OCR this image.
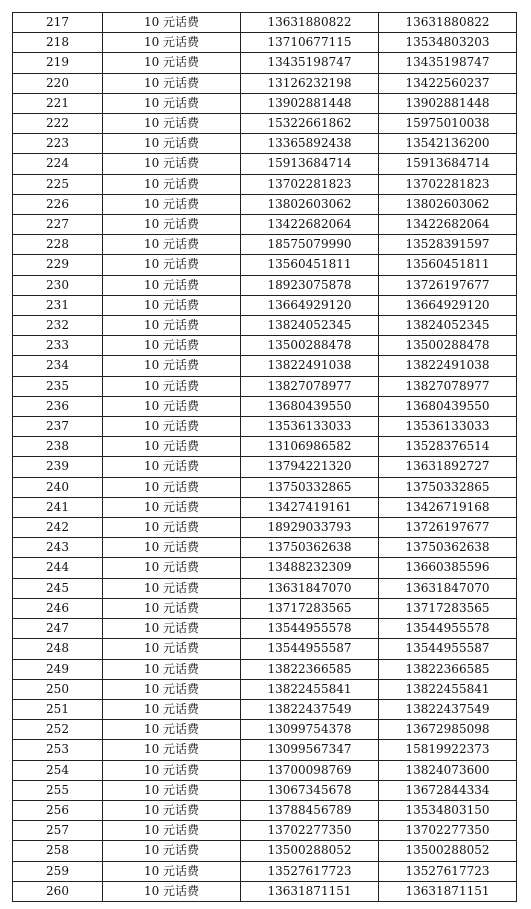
217	10 元话费	13631880822	13631880822
218	10 元话费	13710677115	13534803203
219	10 元话费	13435198747	13435198747
220	10 元话费	13126232198	13422560237
221	10 元话费	13902881448	13902881448
222	10 元话费	15322661862	15975010038
223	10 元话费	13365892438	13542136200
224	10 元话费	15913684714	15913684714
225	10 元话费	13702281823	13702281823
226	10 元话费	13802603062	13802603062
227	10 元话费	13422682064	13422682064
228	10 元话费	18575079990	13528391597
229	10 元话费	13560451811	13560451811
230	10 元话费	18923075878	13726197677
231	10 元话费	13664929120	13664929120
232	10 元话费	13824052345	13824052345
233	10 元话费	13500288478	13500288478
234	10 元话费	13822491038	13822491038
235	10 元话费	13827078977	13827078977
236	10 元话费	13680439550	13680439550
237	10 元话费	13536133033	13536133033
238	10 元话费	13106986582	13528376514
239	10 元话费	13794221320	13631892727
240	10 元话费	13750332865	13750332865
241	10 元话费	13427419161	13426719168
242	10 元话费	18929033793	13726197677
243	10 元话费	13750362638	13750362638
244	10 元话费	13488232309	13660385596
245	10 元话费	13631847070	13631847070
246	10 元话费	13717283565	13717283565
247	10 元话费	13544955578	13544955578
248	10 元话费	13544955587	13544955587
249	10 元话费	13822366585	13822366585
250	10 元话费	13822455841	13822455841
251	10 元话费	13822437549	13822437549
252	10 元话费	13099754378	13672985098
253	10 元话费	13099567347	15819922373
254	10 元话费	13700098769	13824073600
255	10 元话费	13067345678	13672844334
256	10 元话费	13788456789	13534803150
257	10 元话费	13702277350	13702277350
258	10 元话费	13500288052	13500288052
259	10 元话费	13527617723	13527617723
260	10 元话费	13631871151	13631871151
